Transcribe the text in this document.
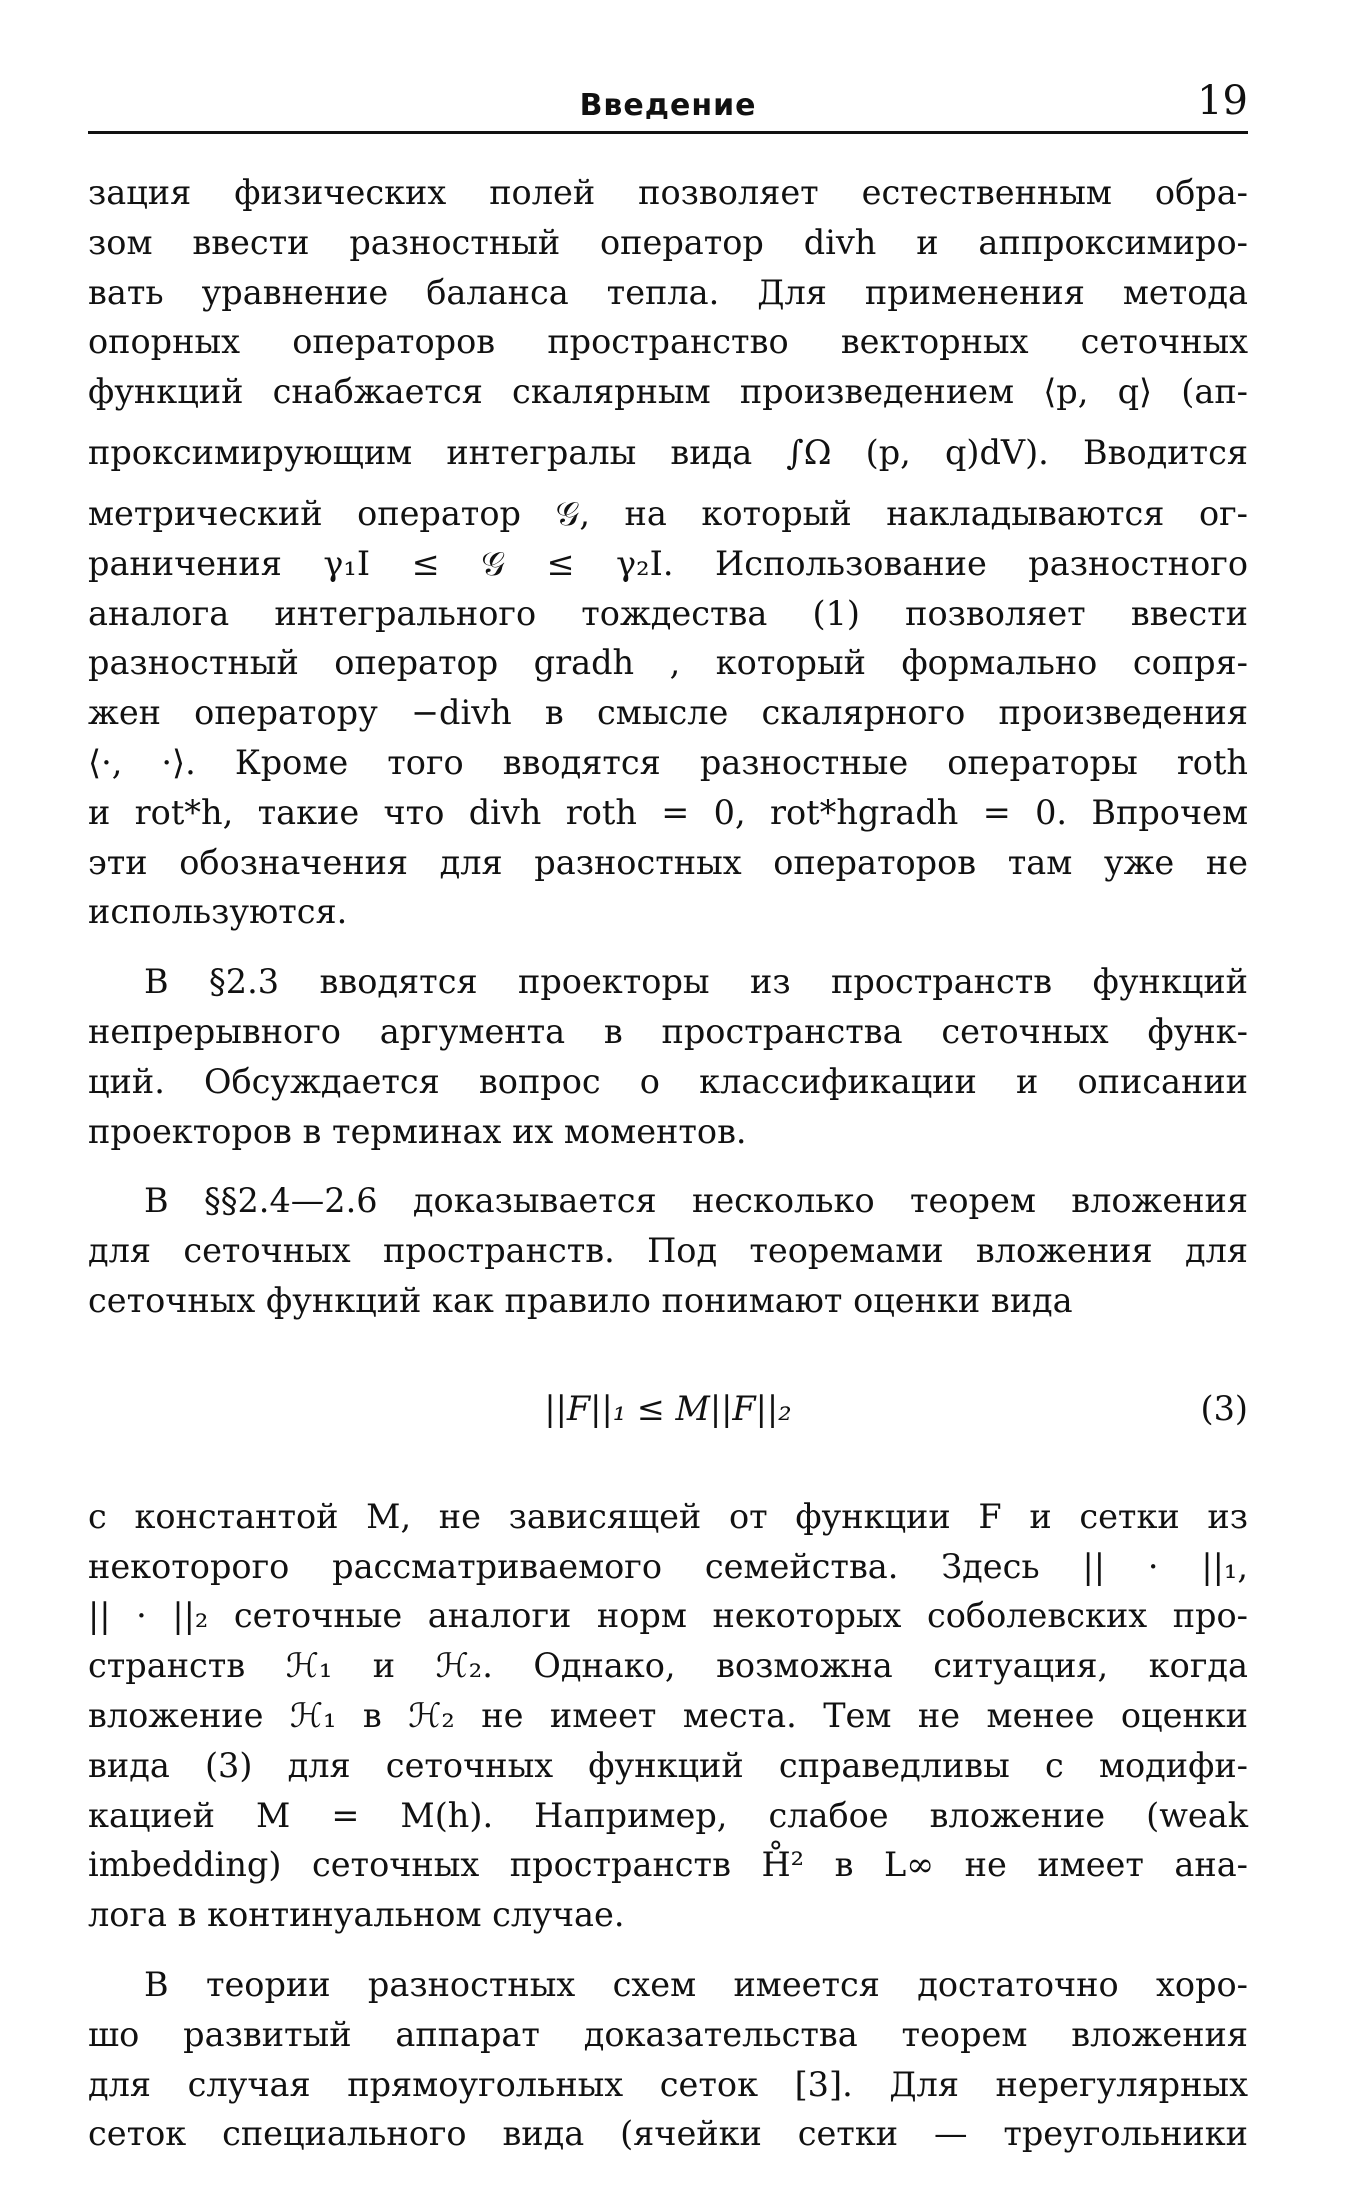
Введение	19
зация физических полей позволяет естественным обра-
зом ввести разностный оператор divh и аппроксимиро-
вать уравнение баланса тепла. Для применения метода
опорных операторов пространство векторных сеточных
функций снабжается скалярным произведением ⟨p, q⟩ (ап-
проксимирующим интегралы вида ∫Ω (p, q)dV). Вводится
метрический оператор 𝒢, на который накладываются ог-
раничения γ₁I ≤ 𝒢 ≤ γ₂I. Использование разностного
аналога интегрального тождества (1) позволяет ввести
разностный оператор gradh , который формально сопря-
жен оператору −divh в смысле скалярного произведения
⟨·, ·⟩. Кроме того вводятся разностные операторы roth
и rot*h, такие что divh roth = 0, rot*hgradh = 0. Впрочем
эти обозначения для разностных операторов там уже не
используются.
В §2.3 вводятся проекторы из пространств функций
непрерывного аргумента в пространства сеточных функ-
ций. Обсуждается вопрос о классификации и описании
проекторов в терминах их моментов.
В §§2.4—2.6 доказывается несколько теорем вложения
для сеточных пространств. Под теоремами вложения для
сеточных функций как правило понимают оценки вида
||F||₁ ≤ M||F||₂	(3)
с константой M, не зависящей от функции F и сетки из
некоторого рассматриваемого семейства. Здесь || · ||₁,
|| · ||₂ сеточные аналоги норм некоторых соболевских про-
странств ℋ₁ и ℋ₂. Однако, возможна ситуация, когда
вложение ℋ₁ в ℋ₂ не имеет места. Тем не менее оценки
вида (3) для сеточных функций справедливы с модифи-
кацией M = M(h). Например, слабое вложение (weak
imbedding) сеточных пространств H̊² в L∞ не имеет ана-
лога в континуальном случае.
В теории разностных схем имеется достаточно хоро-
шо развитый аппарат доказательства теорем вложения
для случая прямоугольных сеток [3]. Для нерегулярных
сеток специального вида (ячейки сетки — треугольники
